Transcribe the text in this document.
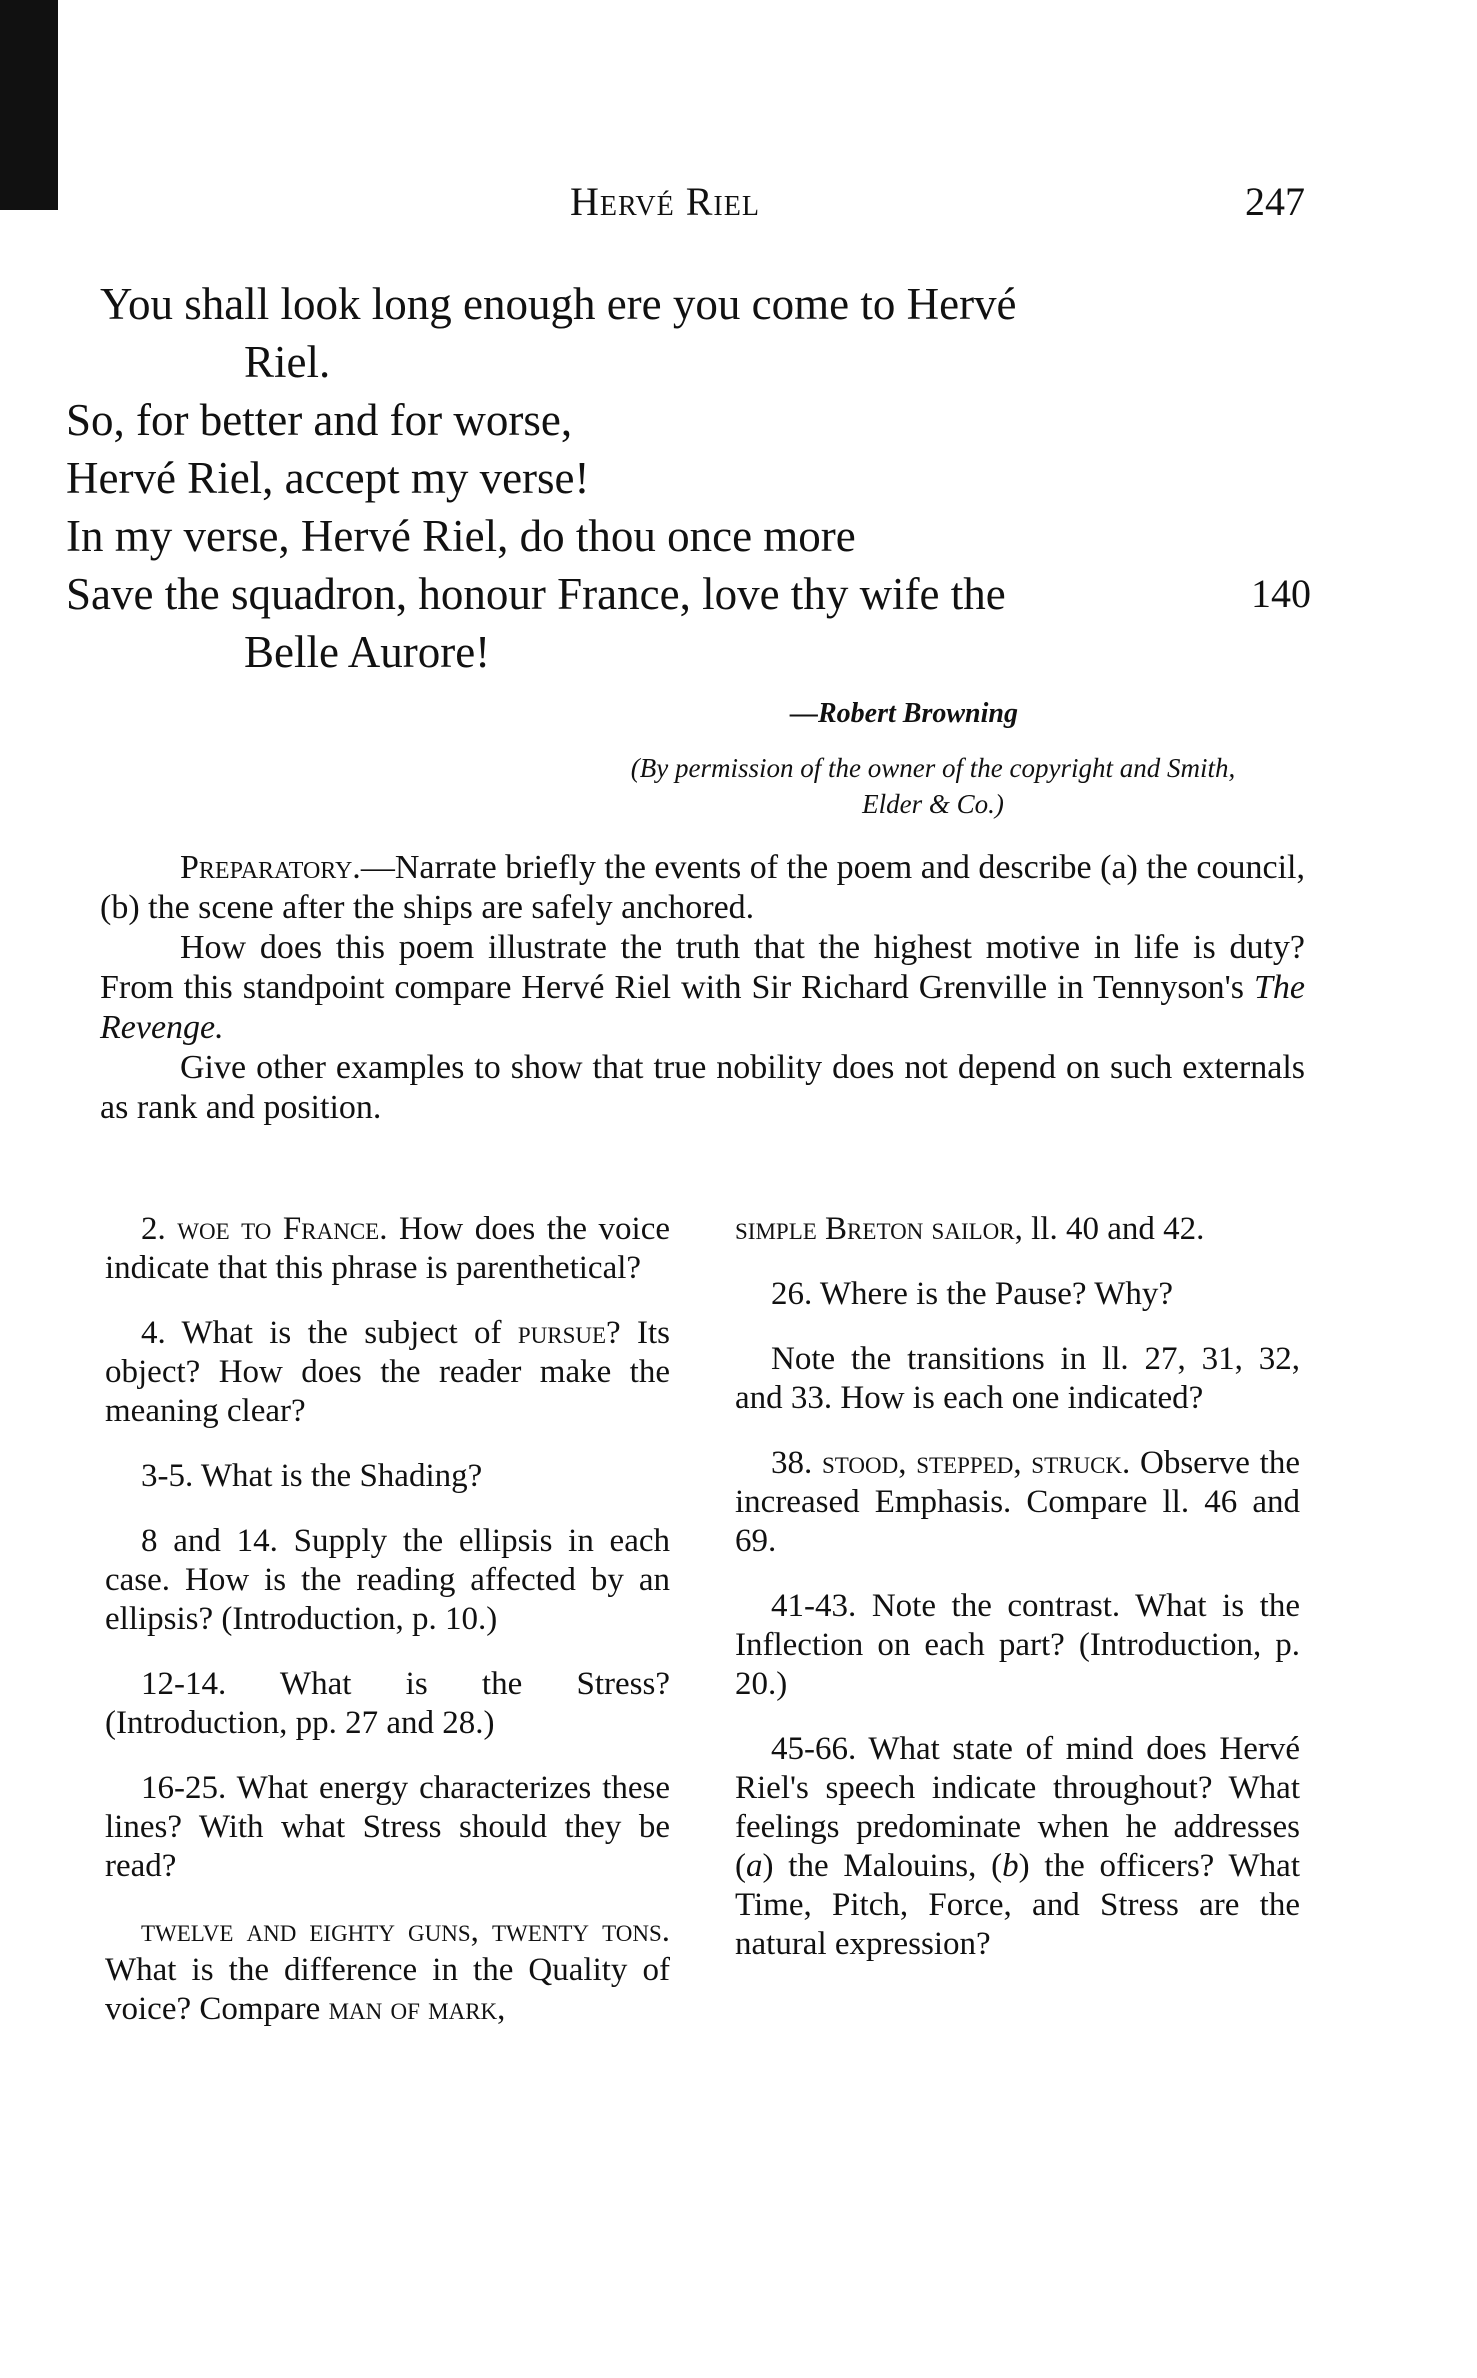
Hervé Riel	247
You shall look long enough ere you come to Hervé
Riel.
So, for better and for worse,
Hervé Riel, accept my verse!
In my verse, Hervé Riel, do thou once more
Save the squadron, honour France, love thy wife the	140
Belle Aurore!
—Robert Browning
(By permission of the owner of the copyright and Smith, Elder & Co.)

Preparatory.—Narrate briefly the events of the poem and describe (a) the council, (b) the scene after the ships are safely anchored.

How does this poem illustrate the truth that the highest motive in life is duty? From this standpoint compare Hervé Riel with Sir Richard Grenville in Tennyson's The Revenge.

Give other examples to show that true nobility does not depend on such externals as rank and position.

2. woe to France. How does the voice indicate that this phrase is parenthetical?

4. What is the subject of pursue? Its object? How does the reader make the meaning clear?

3-5. What is the Shading?

8 and 14. Supply the ellipsis in each case. How is the reading affected by an ellipsis? (Introduction, p. 10.)

12-14. What is the Stress? (Introduction, pp. 27 and 28.)

16-25. What energy characterizes these lines? With what Stress should they be read?

twelve and eighty guns, twenty tons. What is the difference in the Quality of voice? Compare man of mark,

simple Breton sailor, ll. 40 and 42.

26. Where is the Pause? Why?

Note the transitions in ll. 27, 31, 32, and 33. How is each one indicated?

38. stood, stepped, struck. Observe the increased Emphasis. Compare ll. 46 and 69.

41-43. Note the contrast. What is the Inflection on each part? (Introduction, p. 20.)

45-66. What state of mind does Hervé Riel's speech indicate throughout? What feelings predominate when he addresses (a) the Malouins, (b) the officers? What Time, Pitch, Force, and Stress are the natural expression?
